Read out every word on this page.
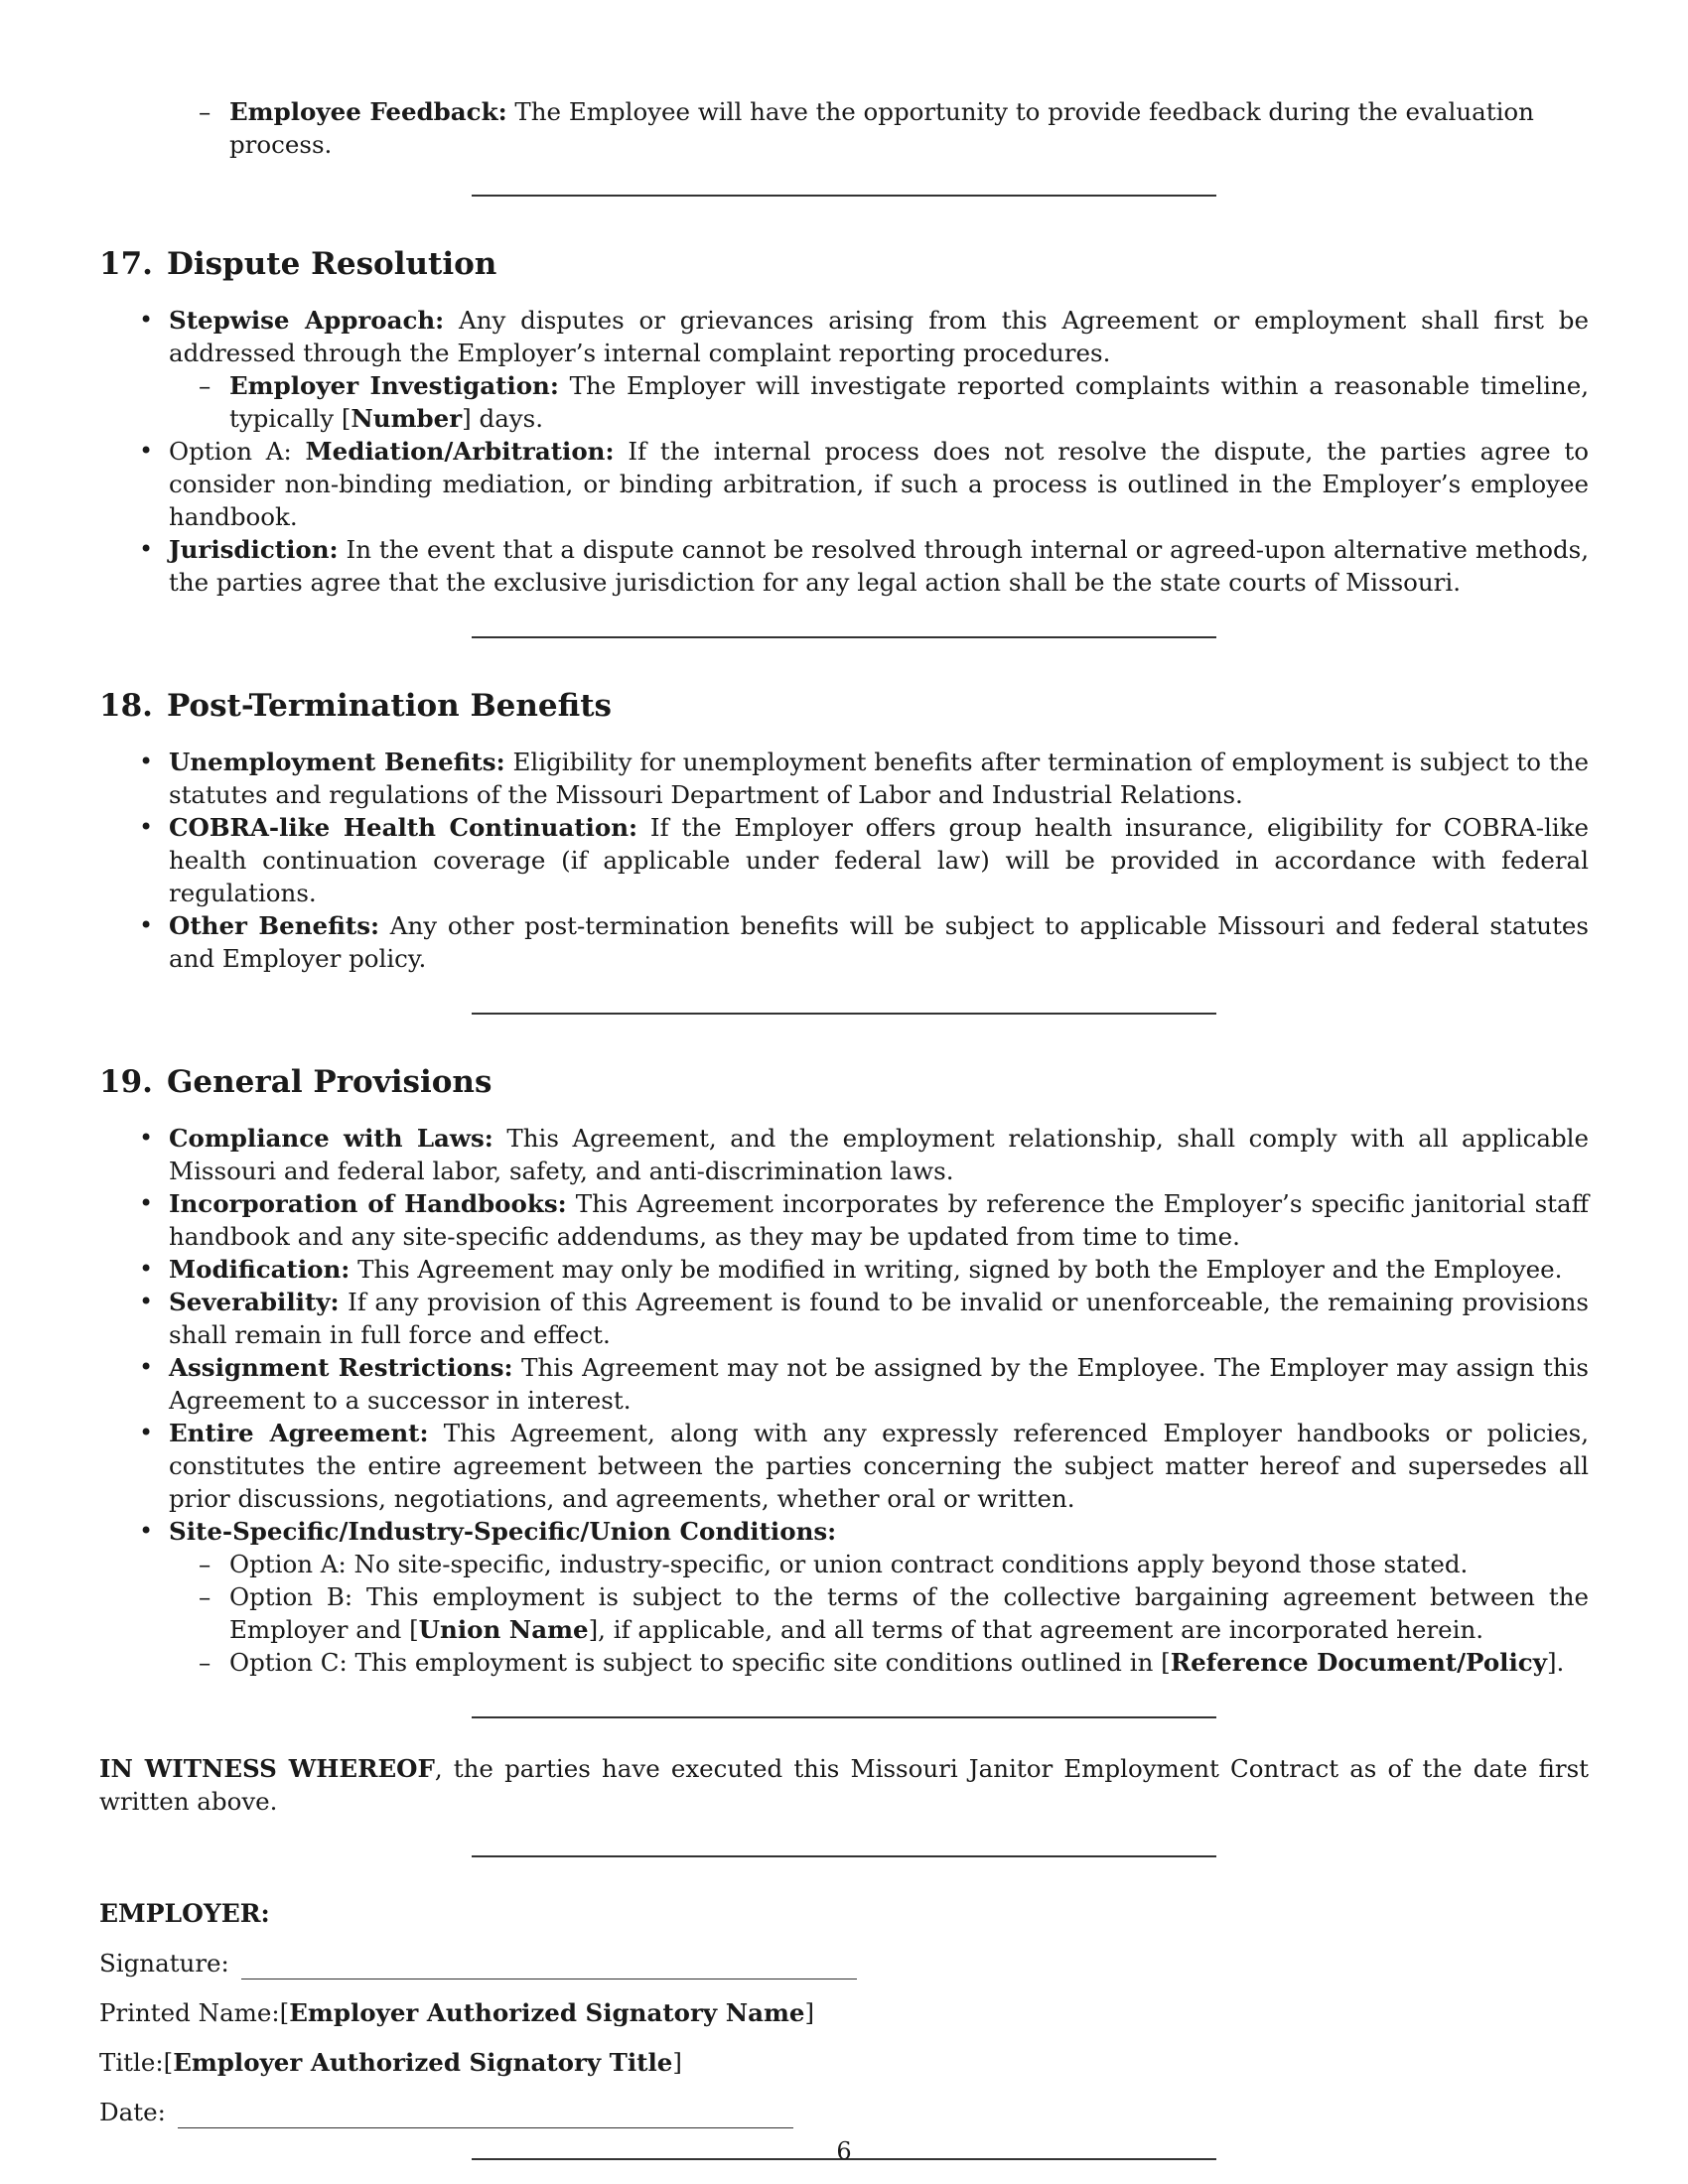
– Employee Feedback: The Employee will have the opportunity to provide feedback during the evaluation process.
17. Dispute Resolution
• Stepwise Approach: Any disputes or grievances arising from this Agreement or employment shall first be addressed through the Employer’s internal complaint reporting procedures.
– Employer Investigation: The Employer will investigate reported complaints within a reasonable timeline, typically [Number] days.
• Option A: Mediation/Arbitration: If the internal process does not resolve the dispute, the parties agree to consider non-binding mediation, or binding arbitration, if such a process is outlined in the Employer’s employee handbook.
• Jurisdiction: In the event that a dispute cannot be resolved through internal or agreed-upon alternative methods, the parties agree that the exclusive jurisdiction for any legal action shall be the state courts of Missouri.
18. Post-Termination Benefits
• Unemployment Benefits: Eligibility for unemployment benefits after termination of employment is subject to the statutes and regulations of the Missouri Department of Labor and Industrial Relations.
• COBRA-like Health Continuation: If the Employer offers group health insurance, eligibility for COBRA-like health continuation coverage (if applicable under federal law) will be provided in accordance with federal regulations.
• Other Benefits: Any other post-termination benefits will be subject to applicable Missouri and federal statutes and Employer policy.
19. General Provisions
• Compliance with Laws: This Agreement, and the employment relationship, shall comply with all applicable Missouri and federal labor, safety, and anti-discrimination laws.
• Incorporation of Handbooks: This Agreement incorporates by reference the Employer’s specific janitorial staff handbook and any site-specific addendums, as they may be updated from time to time.
• Modification: This Agreement may only be modified in writing, signed by both the Employer and the Employee.
• Severability: If any provision of this Agreement is found to be invalid or unenforceable, the remaining provisions shall remain in full force and effect.
• Assignment Restrictions: This Agreement may not be assigned by the Employee. The Employer may assign this Agreement to a successor in interest.
• Entire Agreement: This Agreement, along with any expressly referenced Employer handbooks or policies, constitutes the entire agreement between the parties concerning the subject matter hereof and supersedes all prior discussions, negotiations, and agreements, whether oral or written.
• Site-Specific/Industry-Specific/Union Conditions:
– Option A: No site-specific, industry-specific, or union contract conditions apply beyond those stated.
– Option B: This employment is subject to the terms of the collective bargaining agreement between the Employer and [Union Name], if applicable, and all terms of that agreement are incorporated herein.
– Option C: This employment is subject to specific site conditions outlined in [Reference Document/Policy].

IN WITNESS WHEREOF, the parties have executed this Missouri Janitor Employment Contract as of the date first written above.

EMPLOYER:
Signature:
Printed Name: [ Employer Authorized Signatory Name ]
Title: [ Employer Authorized Signatory Title ]
Date:
6
